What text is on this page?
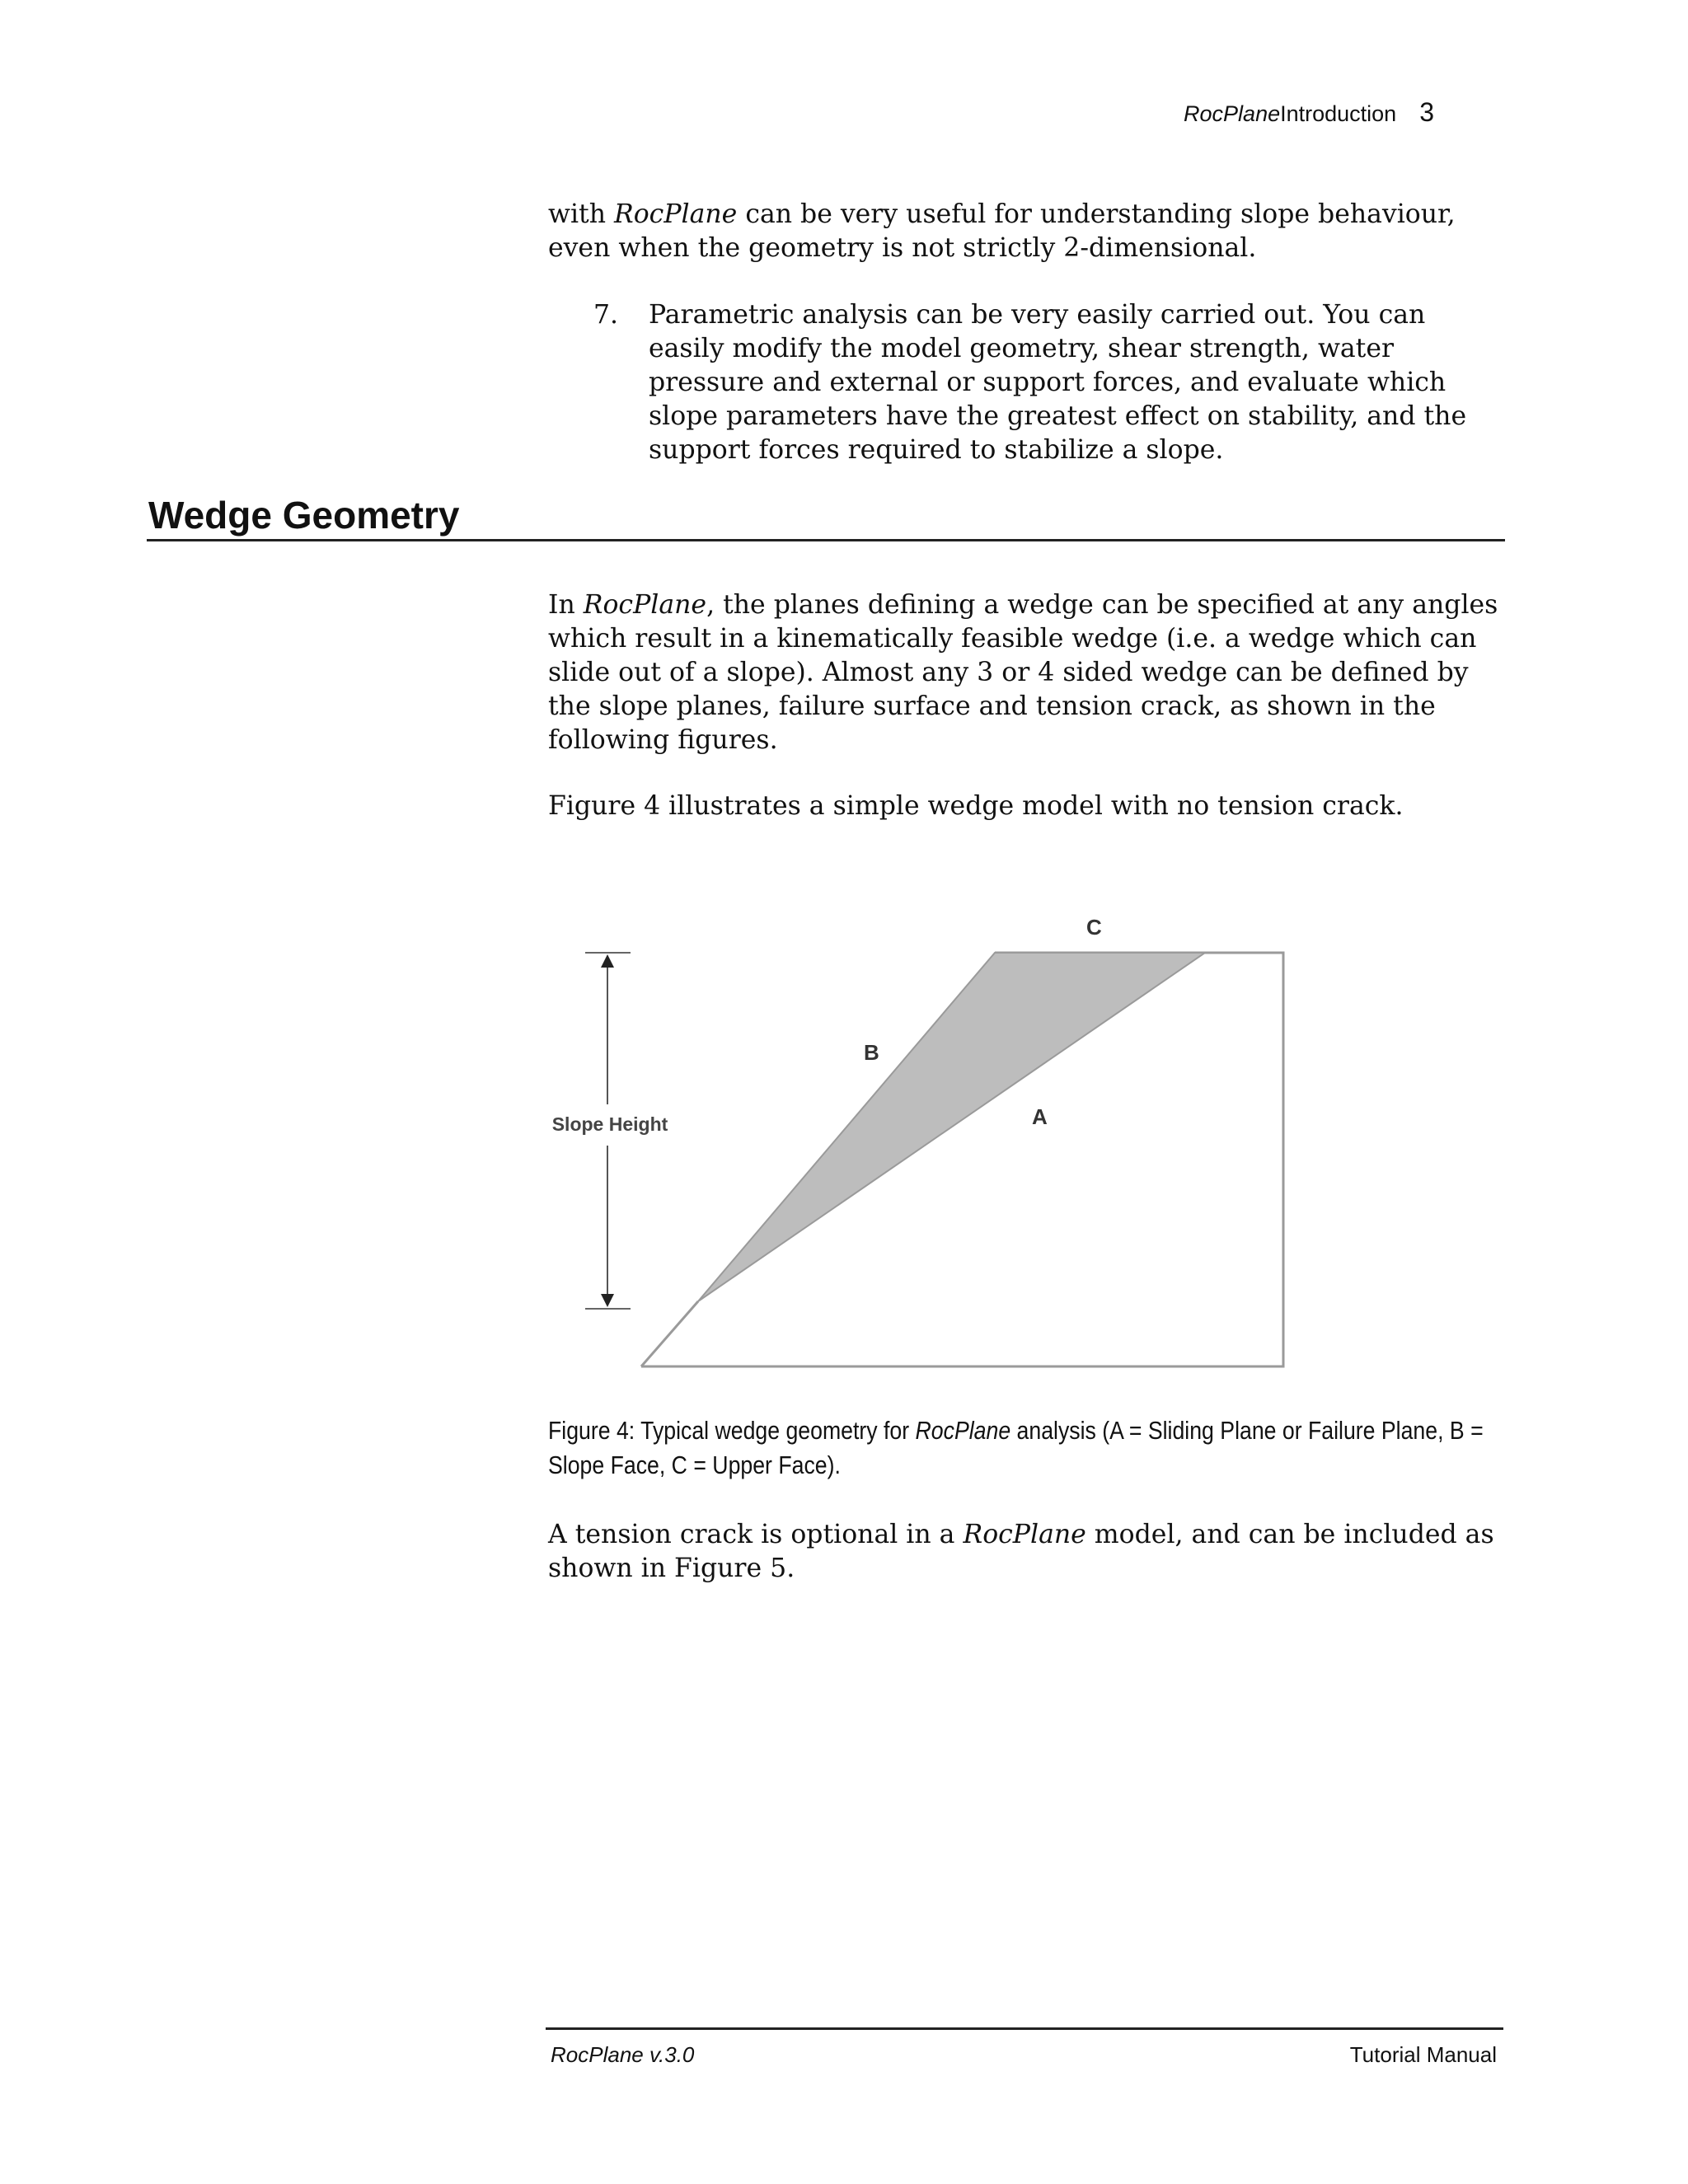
RocPlaneIntroduction 3

with RocPlane can be very useful for understanding slope behaviour, even when the geometry is not strictly 2-dimensional.

7. Parametric analysis can be very easily carried out. You can easily modify the model geometry, shear strength, water pressure and external or support forces, and evaluate which slope parameters have the greatest effect on stability, and the support forces required to stabilize a slope.
Wedge Geometry

In RocPlane, the planes defining a wedge can be specified at any angles which result in a kinematically feasible wedge (i.e. a wedge which can slide out of a slope). Almost any 3 or 4 sided wedge can be defined by the slope planes, failure surface and tension crack, as shown in the following figures.

Figure 4 illustrates a simple wedge model with no tension crack.

Slope Height
B
A
C
Figure 4: Typical wedge geometry for RocPlane analysis (A = Sliding Plane or Failure Plane, B = Slope Face, C = Upper Face).

A tension crack is optional in a RocPlane model, and can be included as shown in Figure 5.

RocPlane v.3.0	Tutorial Manual
